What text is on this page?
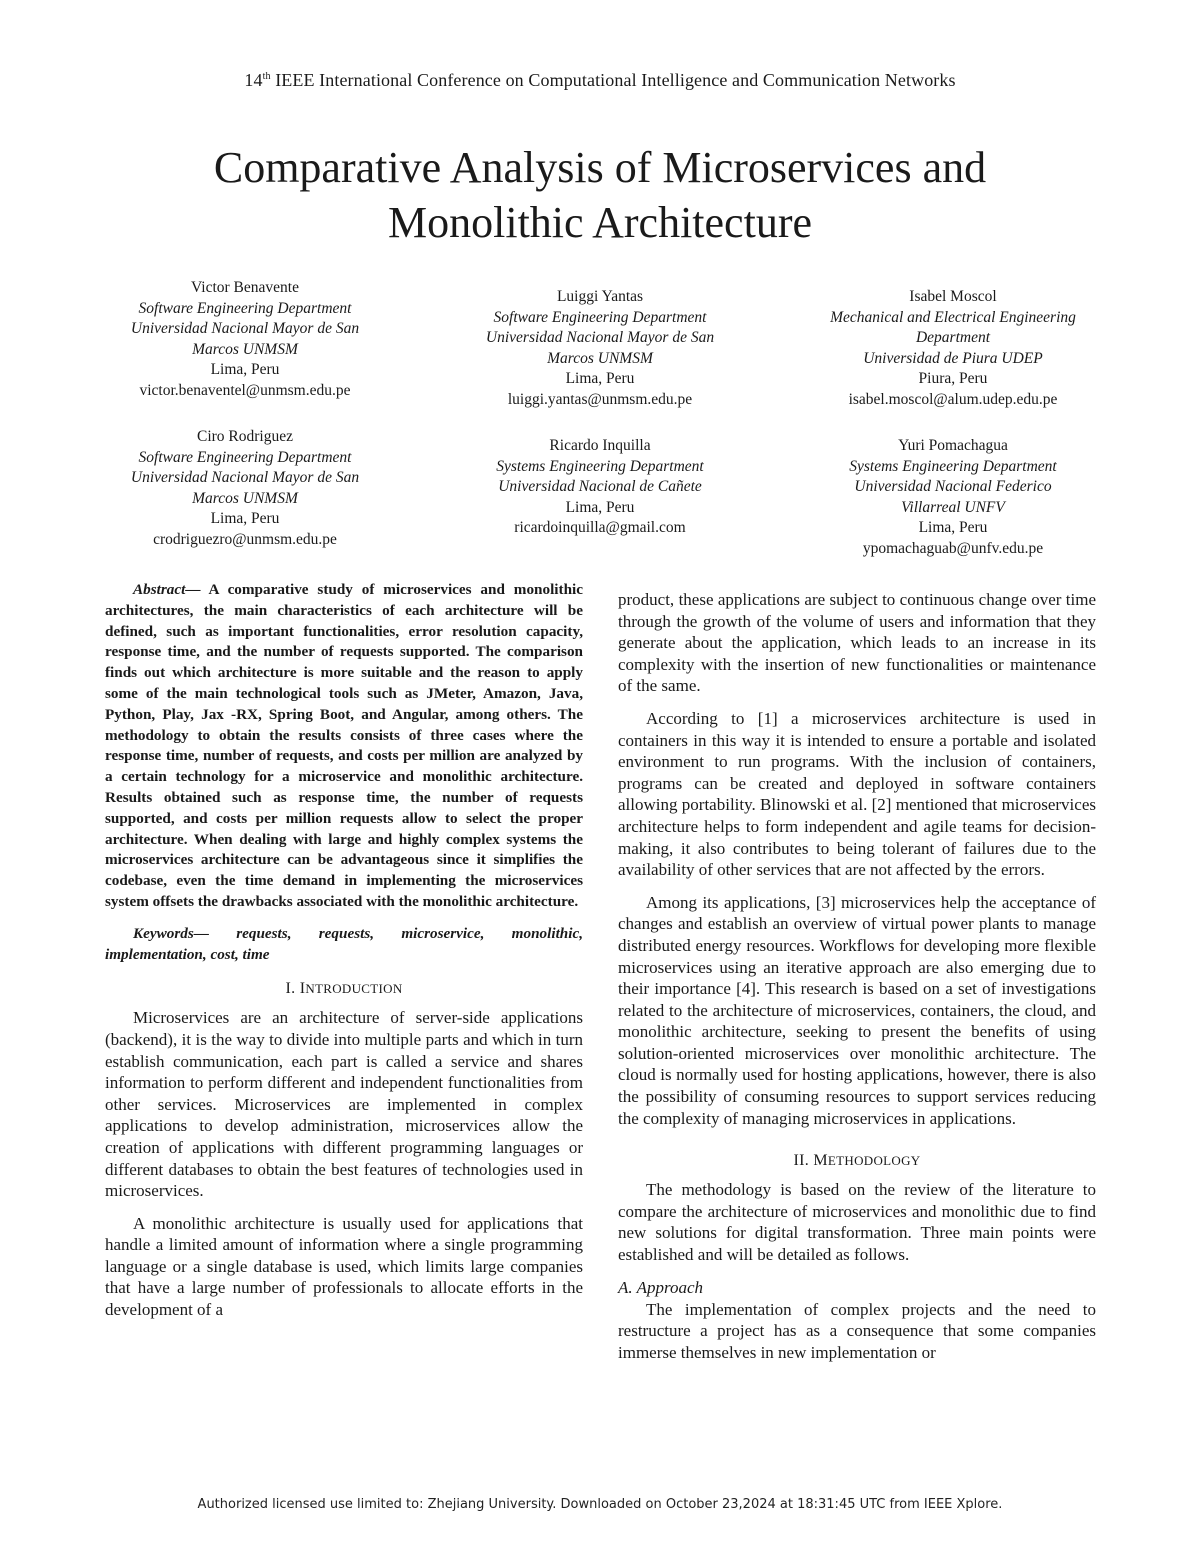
14th IEEE International Conference on Computational Intelligence and Communication Networks
Comparative Analysis of Microservices and
Monolithic Architecture
Victor Benavente
Software Engineering Department
Universidad Nacional Mayor de San
Marcos UNMSM
Lima, Peru
victor.benaventel@unmsm.edu.pe
Luiggi Yantas
Software Engineering Department
Universidad Nacional Mayor de San
Marcos UNMSM
Lima, Peru
luiggi.yantas@unmsm.edu.pe
Isabel Moscol
Mechanical and Electrical Engineering
Department
Universidad de Piura UDEP
Piura, Peru
isabel.moscol@alum.udep.edu.pe
Ciro Rodriguez
Software Engineering Department
Universidad Nacional Mayor de San
Marcos UNMSM
Lima, Peru
crodriguezro@unmsm.edu.pe
Ricardo Inquilla
Systems Engineering Department
Universidad Nacional de Cañete
Lima, Peru
ricardoinquilla@gmail.com
Yuri Pomachagua
Systems Engineering Department
Universidad Nacional Federico
Villarreal UNFV
Lima, Peru
ypomachaguab@unfv.edu.pe

Abstract— A comparative study of microservices and monolithic architectures, the main characteristics of each architecture will be defined, such as important functionalities, error resolution capacity, response time, and the number of requests supported. The comparison finds out which architecture is more suitable and the reason to apply some of the main technological tools such as JMeter, Amazon, Java, Python, Play, Jax -RX, Spring Boot, and Angular, among others. The methodology to obtain the results consists of three cases where the response time, number of requests, and costs per million are analyzed by a certain technology for a microservice and monolithic architecture. Results obtained such as response time, the number of requests supported, and costs per million requests allow to select the proper architecture. When dealing with large and highly complex systems the microservices architecture can be advantageous since it simplifies the codebase, even the time demand in implementing the microservices system offsets the drawbacks associated with the monolithic architecture.

Keywords— requests, requests, microservice, monolithic, implementation, cost, time

I. INTRODUCTION

Microservices are an architecture of server-side applications (backend), it is the way to divide into multiple parts and which in turn establish communication, each part is called a service and shares information to perform different and independent functionalities from other services. Microservices are implemented in complex applications to develop administration, microservices allow the creation of applications with different programming languages or different databases to obtain the best features of technologies used in microservices.

A monolithic architecture is usually used for applications that handle a limited amount of information where a single programming language or a single database is used, which limits large companies that have a large number of professionals to allocate efforts in the development of a

product, these applications are subject to continuous change over time through the growth of the volume of users and information that they generate about the application, which leads to an increase in its complexity with the insertion of new functionalities or maintenance of the same.

According to [1] a microservices architecture is used in containers in this way it is intended to ensure a portable and isolated environment to run programs. With the inclusion of containers, programs can be created and deployed in software containers allowing portability. Blinowski et al. [2] mentioned that microservices architecture helps to form independent and agile teams for decision-making, it also contributes to being tolerant of failures due to the availability of other services that are not affected by the errors.

Among its applications, [3] microservices help the acceptance of changes and establish an overview of virtual power plants to manage distributed energy resources. Workflows for developing more flexible microservices using an iterative approach are also emerging due to their importance [4]. This research is based on a set of investigations related to the architecture of microservices, containers, the cloud, and monolithic architecture, seeking to present the benefits of using solution-oriented microservices over monolithic architecture. The cloud is normally used for hosting applications, however, there is also the possibility of consuming resources to support services reducing the complexity of managing microservices in applications.

II. METHODOLOGY

The methodology is based on the review of the literature to compare the architecture of microservices and monolithic due to find new solutions for digital transformation. Three main points were established and will be detailed as follows.

A. Approach

The implementation of complex projects and the need to restructure a project has as a consequence that some companies immerse themselves in new implementation or

Authorized licensed use limited to: Zhejiang University. Downloaded on October 23,2024 at 18:31:45 UTC from IEEE Xplore.
